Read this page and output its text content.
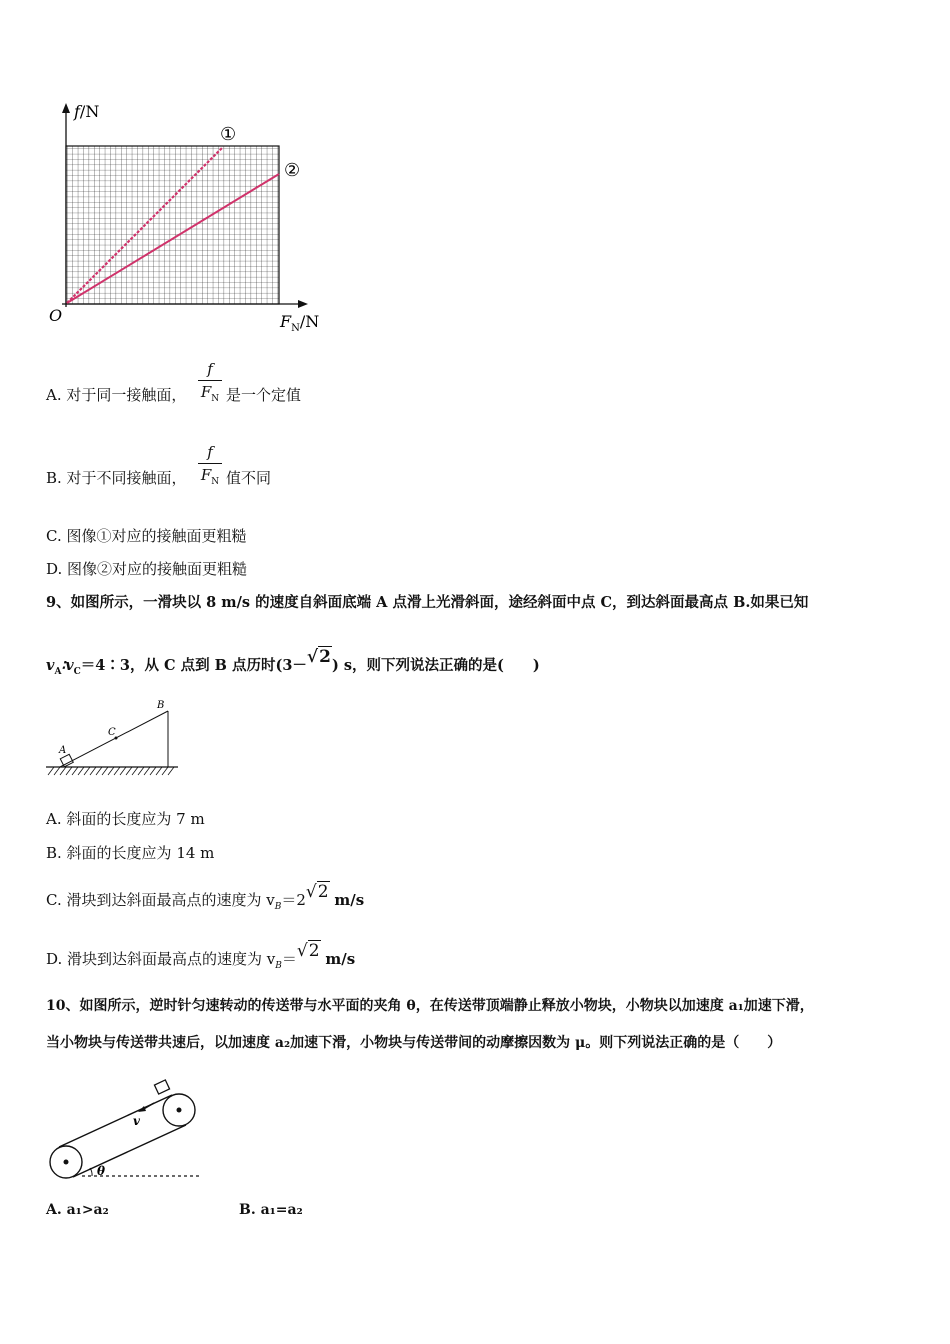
f/N
O	$F_N/N$
①
②
A. 对于同一接触面，
f
$F_N$ 是一个定值
B. 对于不同接触面，
f
$F_N$ 值不同
C. 图像①对应的接触面更粗糙
D. 图像②对应的接触面更粗糙
9、如图所示，一滑块以 8 m/s 的速度自斜面底端 A 点滑上光滑斜面，途经斜面中点 C，到达斜面最高点 B.如果已知
$v_A∶v_C=4∶3$，从 C 点到 B 点历时(3－√2) s，则下列说法正确的是(　　)
A
C
B
A. 斜面的长度应为 7 m
B. 斜面的长度应为 14 m
C. 滑块到达斜面最高点的速度为 $v_B=2√2$ m/s
D. 滑块到达斜面最高点的速度为 $v_B=√2$ m/s
10、如图所示，逆时针匀速转动的传送带与水平面的夹角 θ，在传送带顶端静止释放小物块，小物块以加速度 a₁加速下滑，
当小物块与传送带共速后，以加速度 a₂加速下滑，小物块与传送带间的动摩擦因数为 μ。则下列说法正确的是（　　）
v
θ
A. a₁>a₂	B. a₁=a₂
